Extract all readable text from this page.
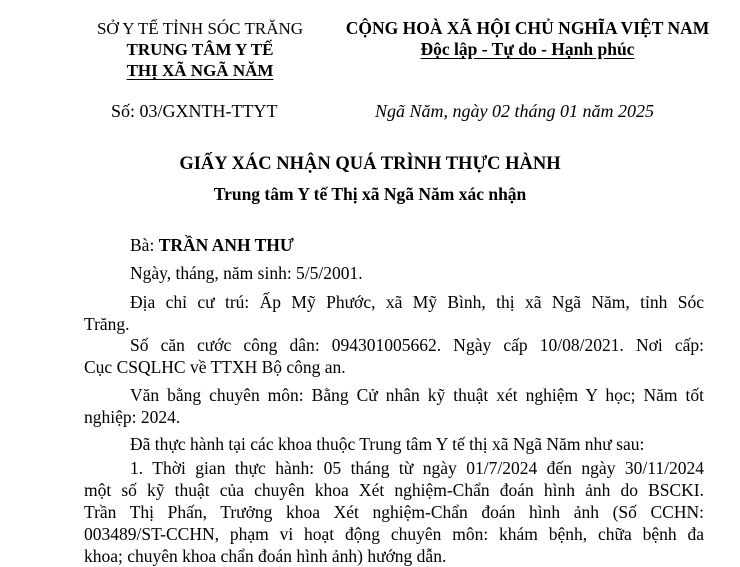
SỞ Y TẾ TỈNH SÓC TRĂNG
TRUNG TÂM Y TẾ
THỊ XÃ NGÃ NĂM
CỘNG HOÀ XÃ HỘI CHỦ NGHĨA VIỆT NAM
Độc lập - Tự do - Hạnh phúc
Số: 03/GXNTH-TTYT	Ngã Năm, ngày 02 tháng 01 năm 2025
GIẤY XÁC NHẬN QUÁ TRÌNH THỰC HÀNH
Trung tâm Y tế Thị xã Ngã Năm xác nhận
Bà: TRẦN ANH THƯ
Ngày, tháng, năm sinh: 5/5/2001.
Địa chỉ cư trú: Ấp Mỹ Phước, xã Mỹ Bình, thị xã Ngã Năm, tỉnh Sóc
Trăng.
Số căn cước công dân: 094301005662. Ngày cấp 10/08/2021. Nơi cấp:
Cục CSQLHC về TTXH Bộ công an.
Văn bằng chuyên môn: Bằng Cử nhân kỹ thuật xét nghiệm Y học; Năm tốt
nghiệp: 2024.
Đã thực hành tại các khoa thuộc Trung tâm Y tế thị xã Ngã Năm như sau:
1. Thời gian thực hành: 05 tháng từ ngày 01/7/2024 đến ngày 30/11/2024
một số kỹ thuật của chuyên khoa Xét nghiệm-Chẩn đoán hình ảnh do BSCKI.
Trần Thị Phấn, Trưởng khoa Xét nghiệm-Chẩn đoán hình ảnh (Số CCHN:
003489/ST-CCHN, phạm vi hoạt động chuyên môn: khám bệnh, chữa bệnh đa
khoa; chuyên khoa chẩn đoán hình ảnh) hướng dẫn.
